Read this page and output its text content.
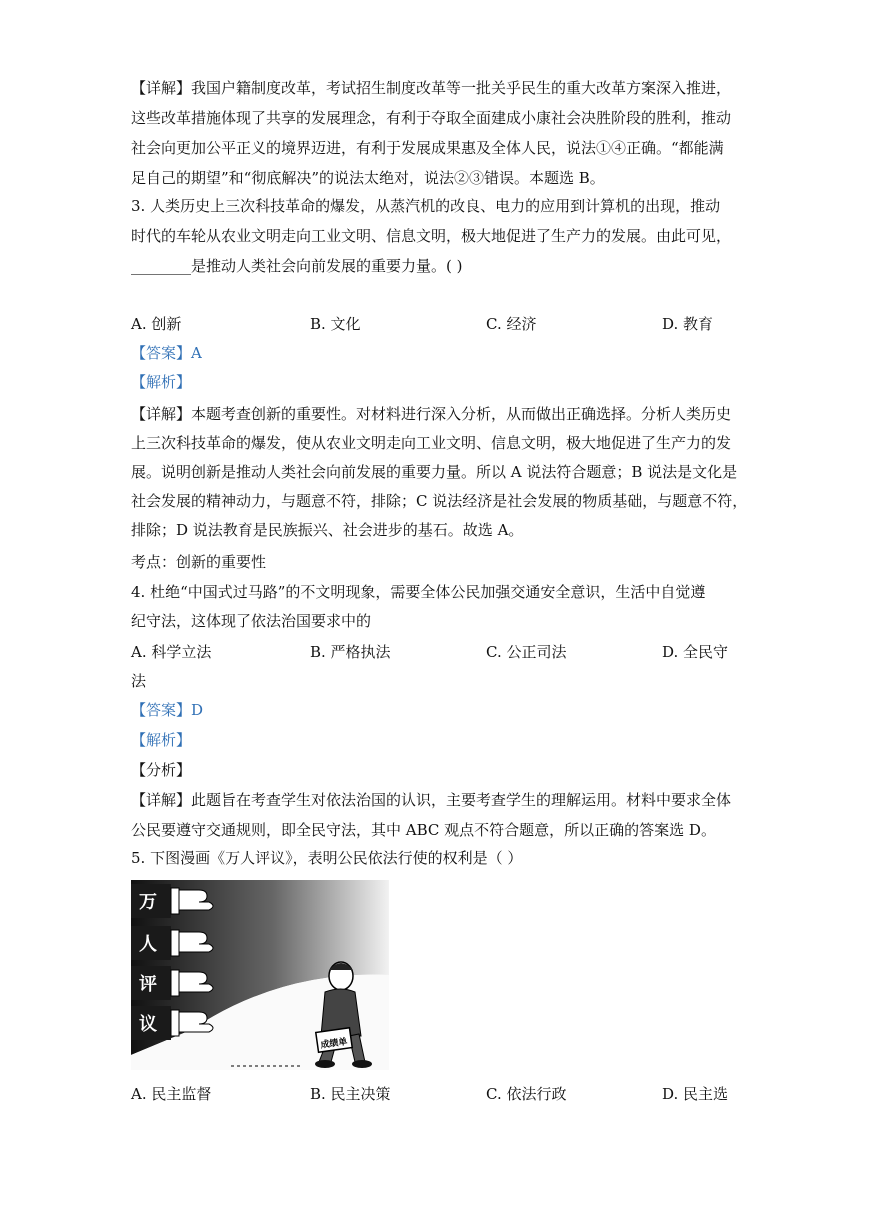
【详解】我国户籍制度改革，考试招生制度改革等一批关乎民生的重大改革方案深入推进，
这些改革措施体现了共享的发展理念，有利于夺取全面建成小康社会决胜阶段的胜利，推动
社会向更加公平正义的境界迈进，有利于发展成果惠及全体人民，说法①④正确。“都能满
足自己的期望”和“彻底解决”的说法太绝对，说法②③错误。本题选 B。
3. 人类历史上三次科技革命的爆发，从蒸汽机的改良、电力的应用到计算机的出现，推动
时代的车轮从农业文明走向工业文明、信息文明，极大地促进了生产力的发展。由此可见，
________是推动人类社会向前发展的重要力量。( )
A. 创新	B. 文化	C. 经济	D. 教育
【答案】A
【解析】
【详解】本题考查创新的重要性。对材料进行深入分析，从而做出正确选择。分析人类历史
上三次科技革命的爆发，使从农业文明走向工业文明、信息文明，极大地促进了生产力的发
展。说明创新是推动人类社会向前发展的重要力量。所以 A 说法符合题意；B 说法是文化是
社会发展的精神动力，与题意不符，排除；C 说法经济是社会发展的物质基础，与题意不符，
排除；D 说法教育是民族振兴、社会进步的基石。故选 A。
考点：创新的重要性
4. 杜绝“中国式过马路”的不文明现象，需要全体公民加强交通安全意识，生活中自觉遵
纪守法，这体现了依法治国要求中的
A. 科学立法	B. 严格执法	C. 公正司法	D. 全民守
法
【答案】D
【解析】
【分析】
【详解】此题旨在考查学生对依法治国的认识，主要考查学生的理解运用。材料中要求全体
公民要遵守交通规则，即全民守法，其中 ABC 观点不符合题意，所以正确的答案选 D。
5. 下图漫画《万人评议》，表明公民依法行使的权利是（ ）
万
人
评
议
成绩单
A. 民主监督	B. 民主决策	C. 依法行政	D. 民主选
